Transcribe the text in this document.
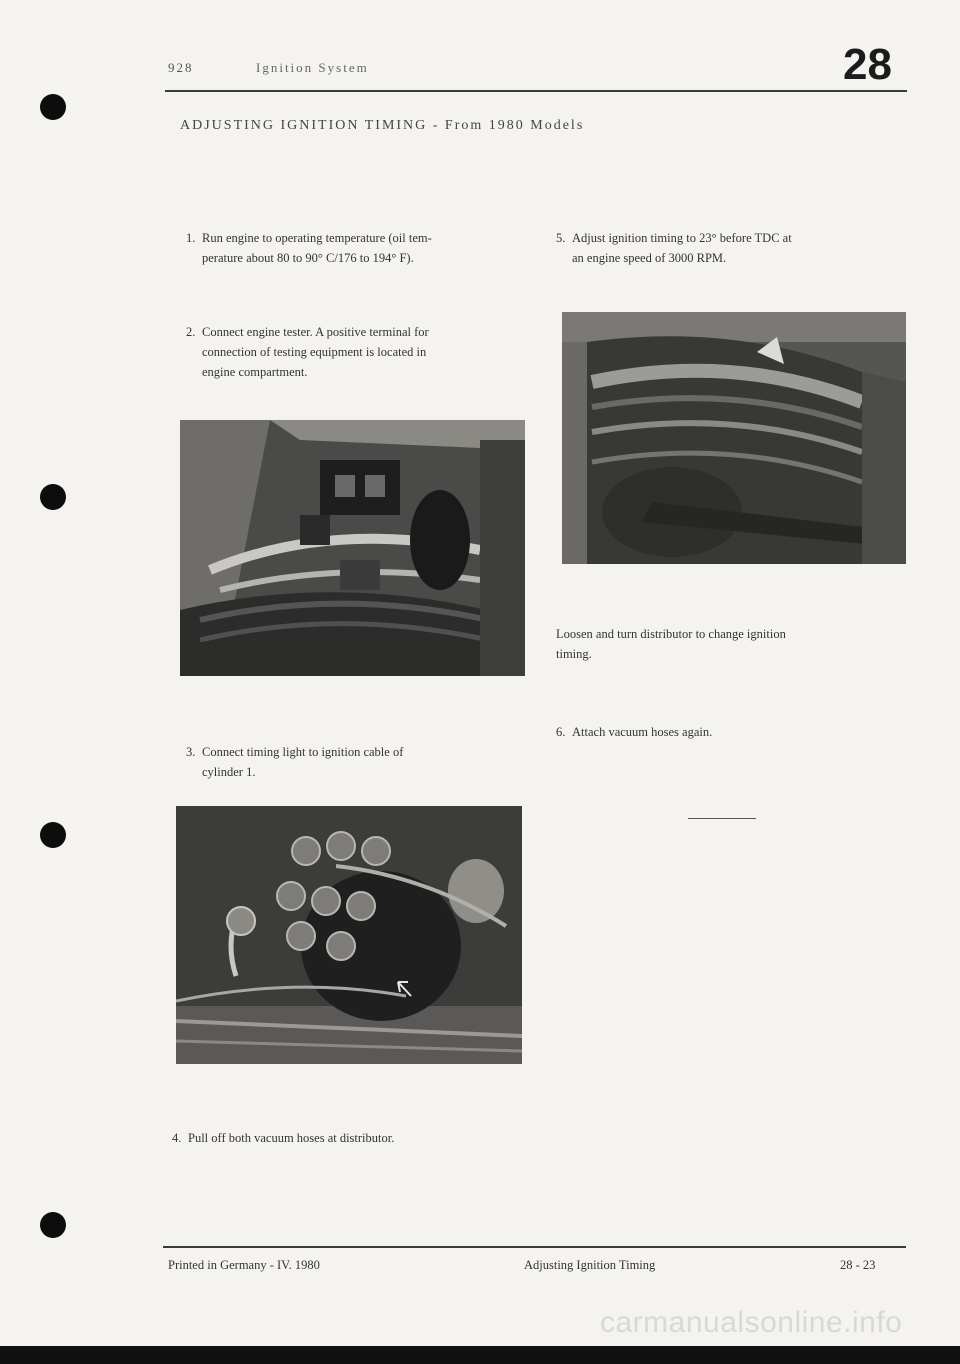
928	Ignition System	28
ADJUSTING IGNITION TIMING - From 1980 Models
1. Run engine to operating temperature (oil tem-
perature about 80 to 90° C/176 to 194° F).
2. Connect engine tester. A positive terminal for
connection of testing equipment is located in
engine compartment.
3. Connect timing light to ignition cable of
cylinder 1.
4. Pull off both vacuum hoses at distributor.
5. Adjust ignition timing to 23° before TDC at
an engine speed of 3000 RPM.
Loosen and turn distributor to change ignition
timing.
6. Attach vacuum hoses again.
Printed in Germany - IV. 1980	Adjusting Ignition Timing	28 - 23
carmanualsonline.info
